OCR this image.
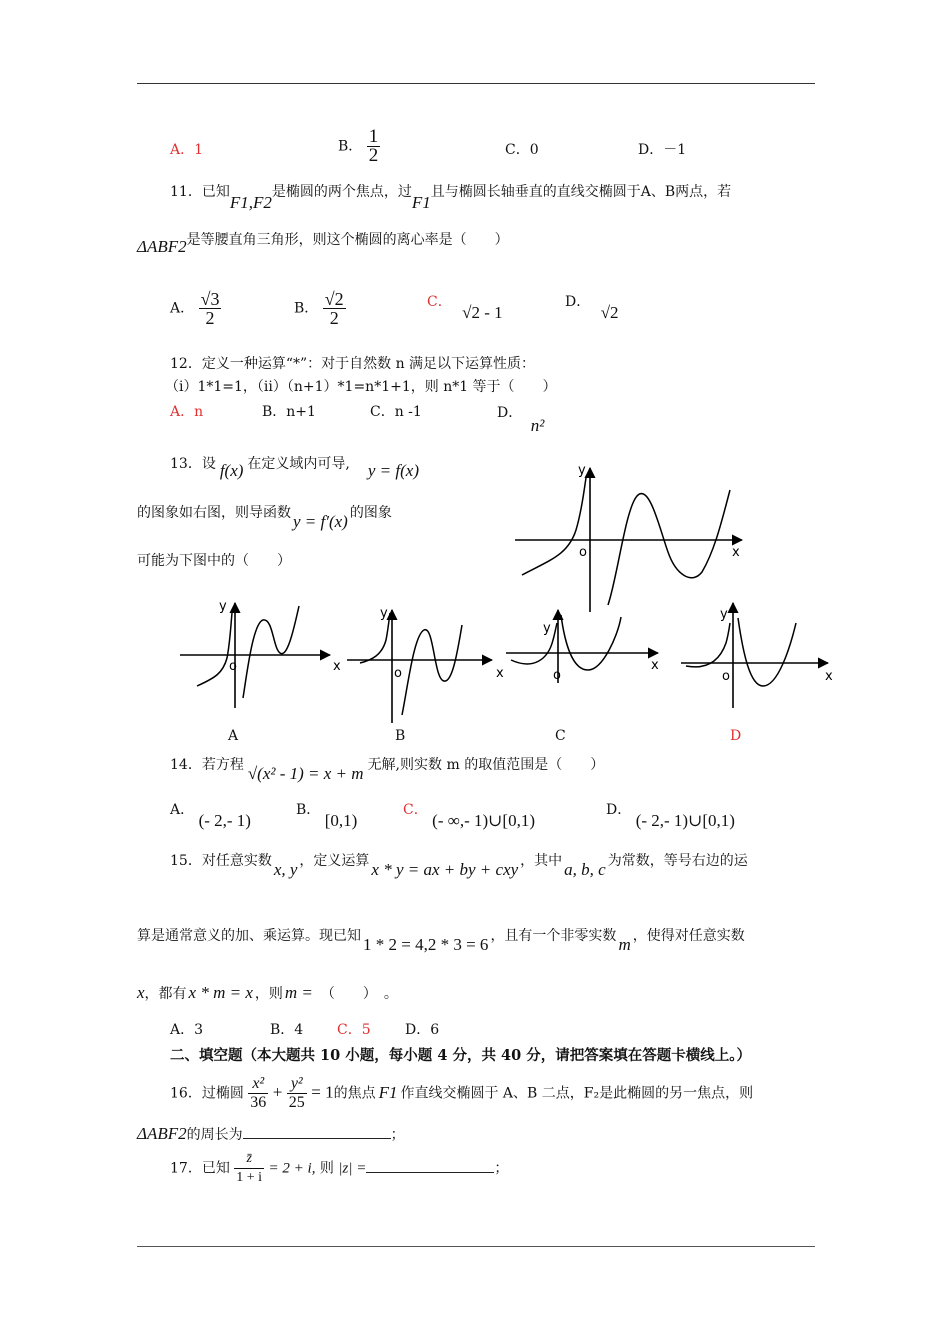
A．1	B． $\frac{1}{2}$	C．0	D．－1
11．已知F1,F2是椭圆的两个焦点，过F1且与椭圆长轴垂直的直线交椭圆于A、B两点，若
ΔABF2是等腰直角三角形，则这个椭圆的离心率是（　　）
A． $\frac{√3}{2}$	B． $\frac{√2}{2}$	C． √2 - 1
D． √2
12．定义一种运算“*”：对于自然数 n 满足以下运算性质：
（i）1*1=1，（ii）（n+1）*1=n*1+1，则 n*1 等于（　　）
A．n	B．n+1	C．n -1	D． n²
13．设 f(x) 在定义域内可导, y = f(x)
的图象如右图，则导函数 y = f′(x) 的图象
可能为下图中的（　　）
y
x
o
y
x
o
y
x
o
y
x
o
y
x
o
A	B	C	D
14．若方程 √(x² - 1) = x + m 无解,则实数 m 的取值范围是（　　）
A． (- 2,- 1)
B． [0,1)
C． (- ∞,- 1)∪[0,1)
D． (- 2,- 1)∪[0,1)
15．对任意实数 x, y ，定义运算 x * y = ax + by + cxy ，其中 a, b, c 为常数，等号右边的运
算是通常意义的加、乘运算。现已知 1 * 2 = 4,2 * 3 = 6 ，且有一个非零实数 m ，使得对任意实数
x，都有 x * m = x ，则 m = （　　）　。
A．3	B．4 C．5 D．6
二、填空题（本大题共 10 小题，每小题 4 分，共 40 分，请把答案填在答题卡横线上。）
16．过椭圆 $\frac{\text{x²}}{36} + \frac{\text{y²}}{25} = 1$的焦点 F1 作直线交椭圆于 A、B 二点，F₂是此椭圆的另一焦点，则
ΔABF2的周长为	；
17．已知 $\frac{z̄}{1 + i} = 2 + i$, 则 |z| =	；
